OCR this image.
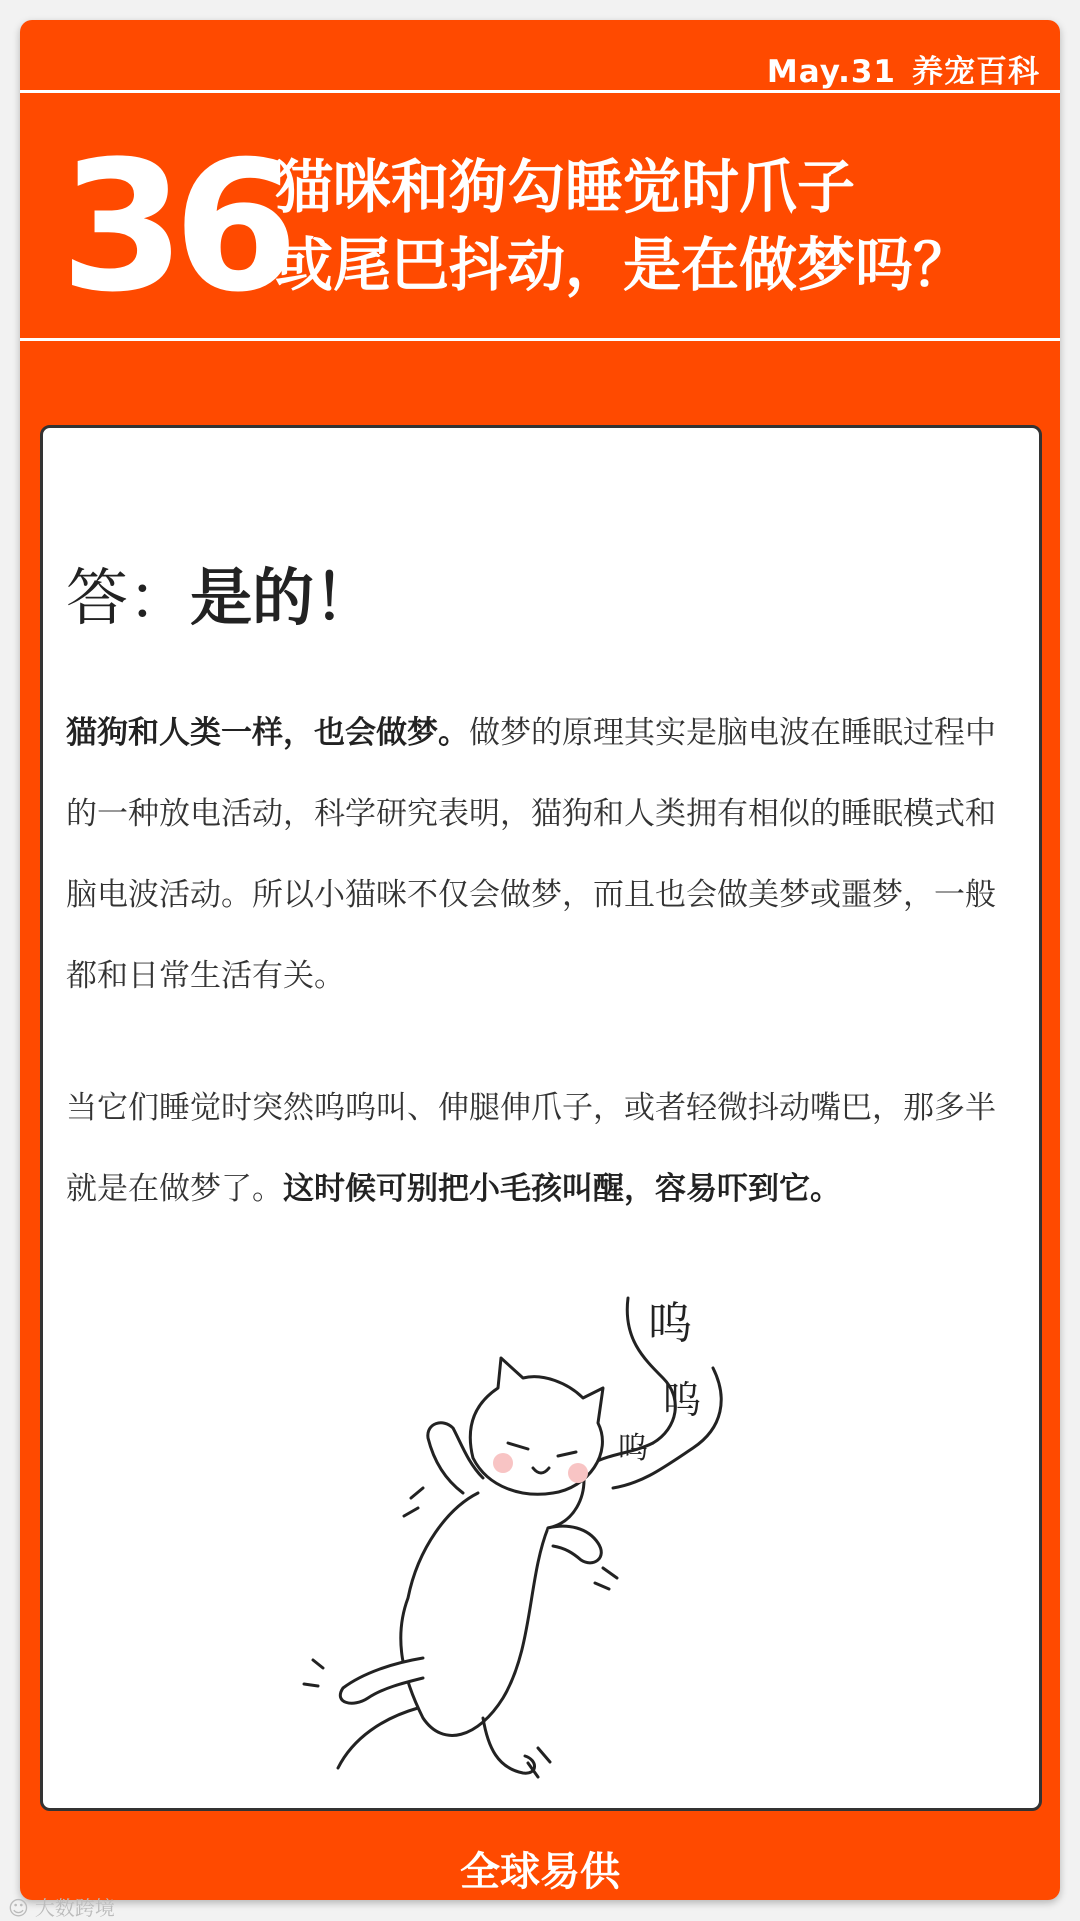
May.31 养宠百科
36
猫咪和狗勾睡觉时爪子
或尾巴抖动，是在做梦吗？
答：是的！
猫狗和人类一样，也会做梦。做梦的原理其实是脑电波在睡眠过程中的一种放电活动，科学研究表明，猫狗和人类拥有相似的睡眠模式和脑电波活动。所以小猫咪不仅会做梦，而且也会做美梦或噩梦，一般都和日常生活有关。
当它们睡觉时突然呜呜叫、伸腿伸爪子，或者轻微抖动嘴巴，那多半就是在做梦了。这时候可别把小毛孩叫醒，容易吓到它。
呜
呜
呜
全球易供
☺ 大数跨境
